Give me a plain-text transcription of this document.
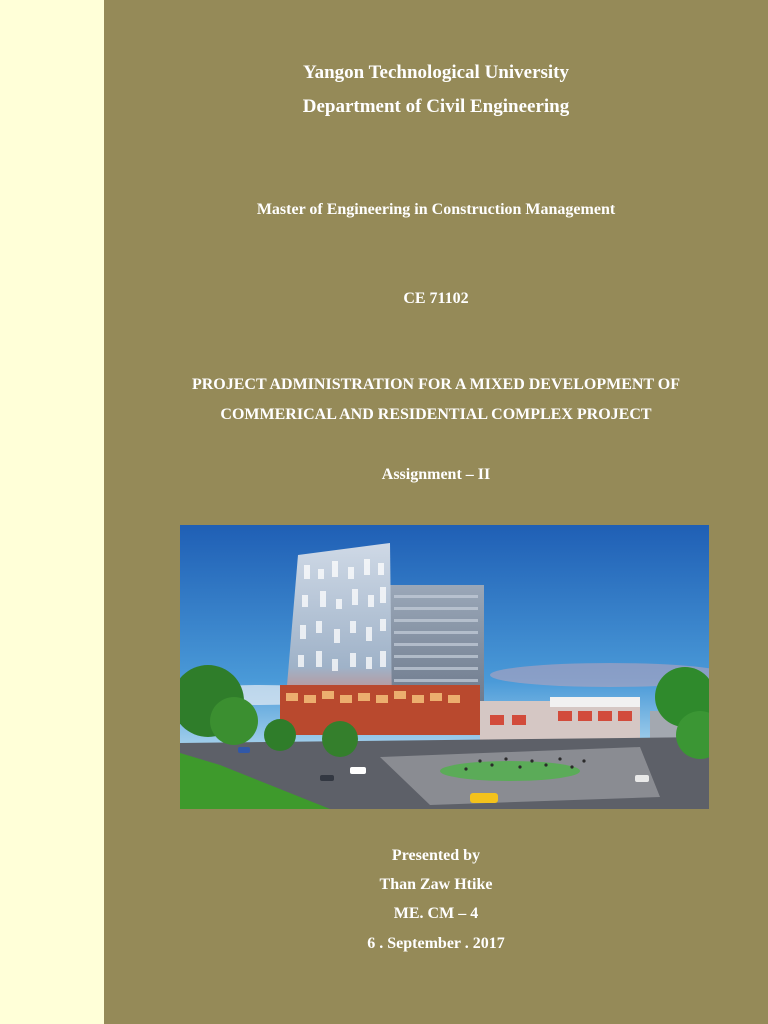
Yangon Technological University
Department of Civil Engineering
Master of Engineering in Construction Management
CE 71102
PROJECT ADMINISTRATION FOR A MIXED DEVELOPMENT OF
COMMERICAL AND RESIDENTIAL COMPLEX PROJECT
Assignment – II
Presented by
Than Zaw Htike
ME. CM – 4
6 . September . 2017
